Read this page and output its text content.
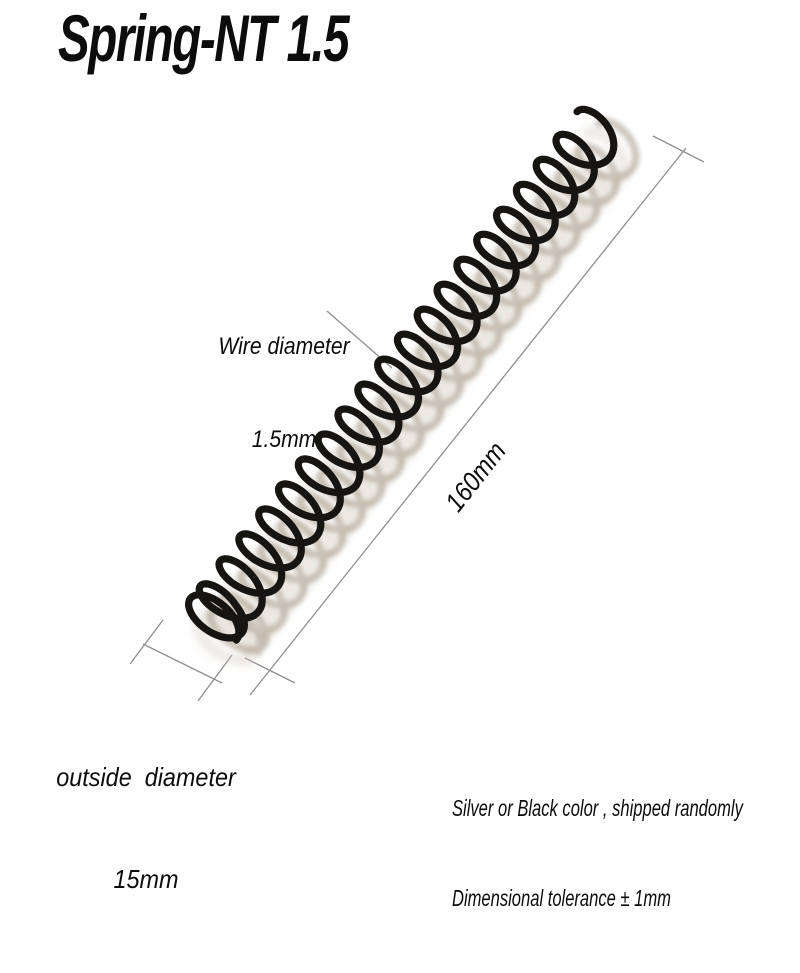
Spring-NT 1.5

Wire diameter

1.5mm

	160mm

outside  diameter

15mm

Silver or Black color , shipped randomly

Dimensional tolerance ± 1mm
